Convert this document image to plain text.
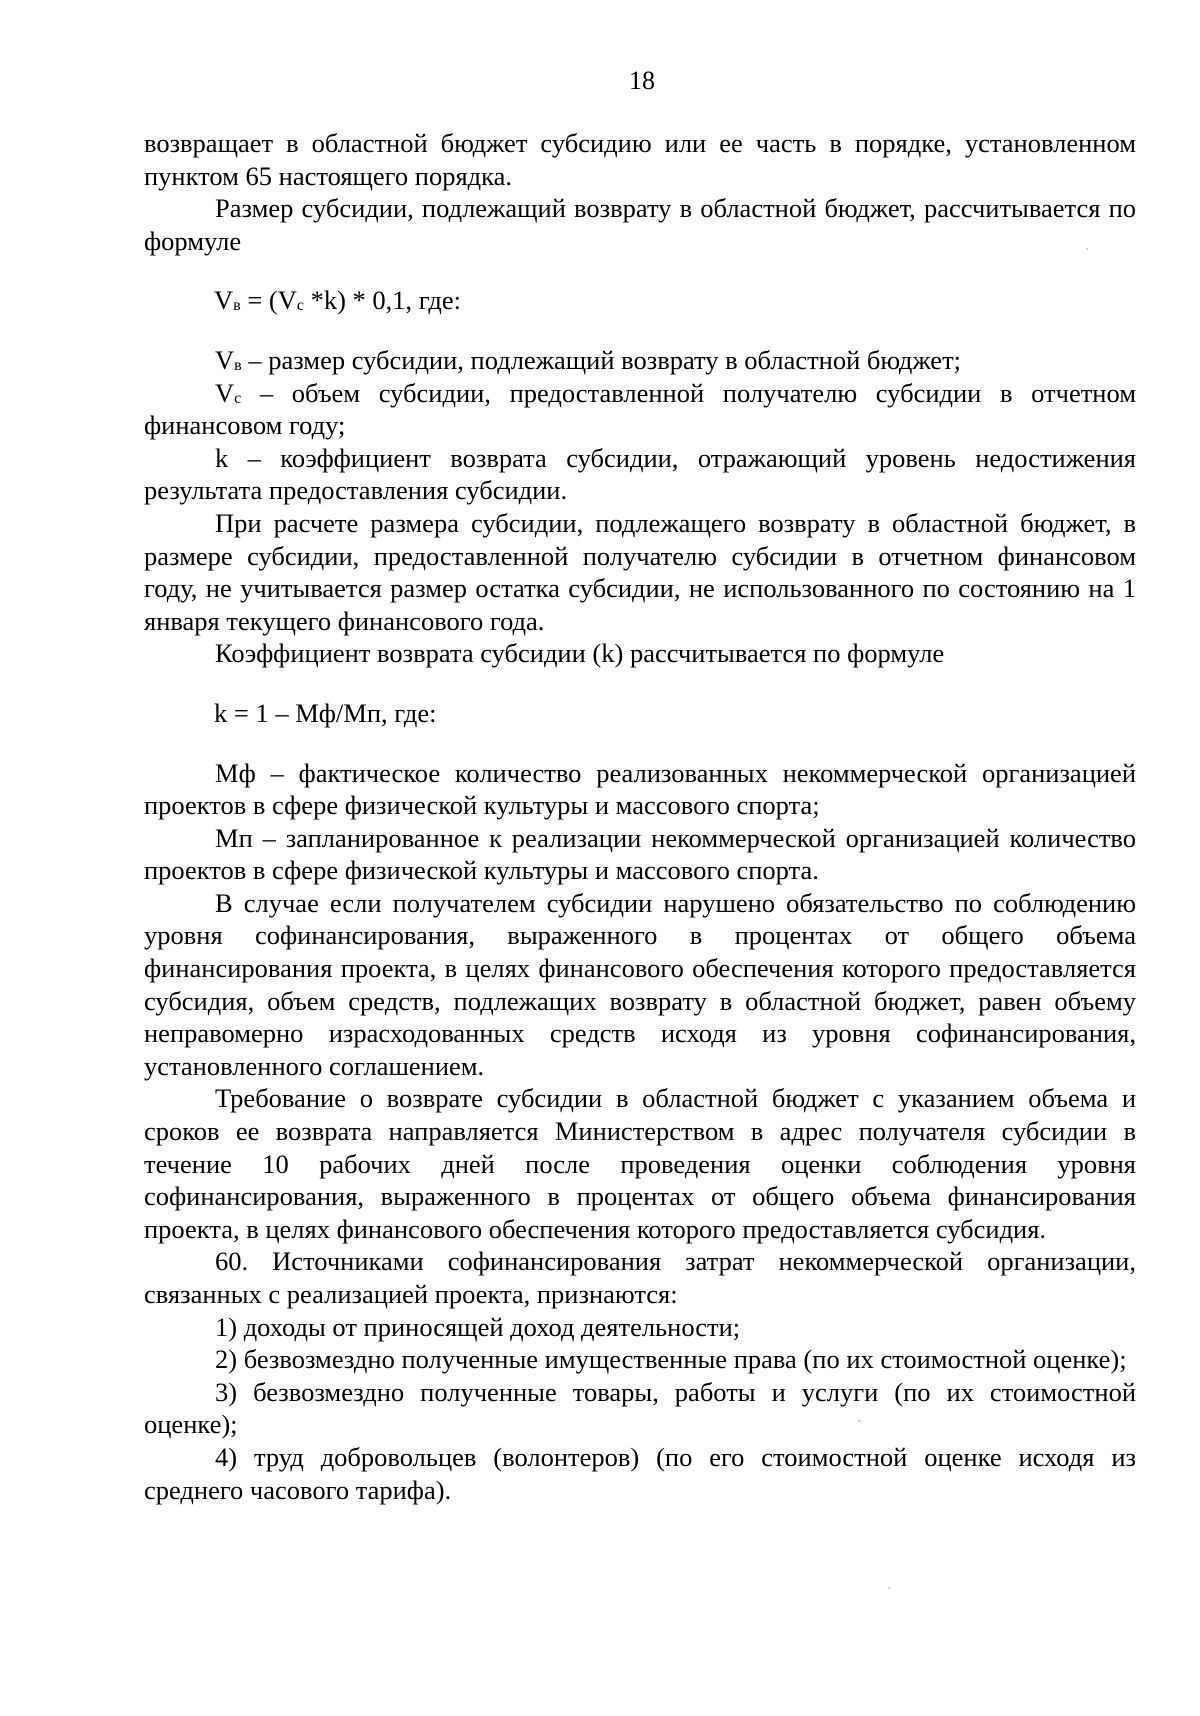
18

возвращает в областной бюджет субсидию или ее часть в порядке, установленном пунктом 65 настоящего порядка.

Размер субсидии, подлежащий возврату в областной бюджет, рассчитывается по формуле

$V_в = (V_с$ *k) * 0,1, где:

$V_в$ – размер субсидии, подлежащий возврату в областной бюджет;

$V_с$ – объем субсидии, предоставленной получателю субсидии в отчетном финансовом году;

k – коэффициент возврата субсидии, отражающий уровень недостижения результата предоставления субсидии.

При расчете размера субсидии, подлежащего возврату в областной бюджет, в размере субсидии, предоставленной получателю субсидии в отчетном финансовом году, не учитывается размер остатка субсидии, не использованного по состоянию на 1 января текущего финансового года.

Коэффициент возврата субсидии (k) рассчитывается по формуле

k = 1 – Мф/Мп, где:

Мф – фактическое количество реализованных некоммерческой организацией проектов в сфере физической культуры и массового спорта;

Мп – запланированное к реализации некоммерческой организацией количество проектов в сфере физической культуры и массового спорта.

В случае если получателем субсидии нарушено обязательство по соблюдению уровня софинансирования, выраженного в процентах от общего объема финансирования проекта, в целях финансового обеспечения которого предоставляется субсидия, объем средств, подлежащих возврату в областной бюджет, равен объему неправомерно израсходованных средств исходя из уровня софинансирования, установленного соглашением.

Требование о возврате субсидии в областной бюджет с указанием объема и сроков ее возврата направляется Министерством в адрес получателя субсидии в течение 10 рабочих дней после проведения оценки соблюдения уровня софинансирования, выраженного в процентах от общего объема финансирования проекта, в целях финансового обеспечения которого предоставляется субсидия.

60. Источниками софинансирования затрат некоммерческой организации, связанных с реализацией проекта, признаются:

1) доходы от приносящей доход деятельности;

2) безвозмездно полученные имущественные права (по их стоимостной оценке);

3) безвозмездно полученные товары, работы и услуги (по их стоимостной оценке);

4) труд добровольцев (волонтеров) (по его стоимостной оценке исходя из среднего часового тарифа).
